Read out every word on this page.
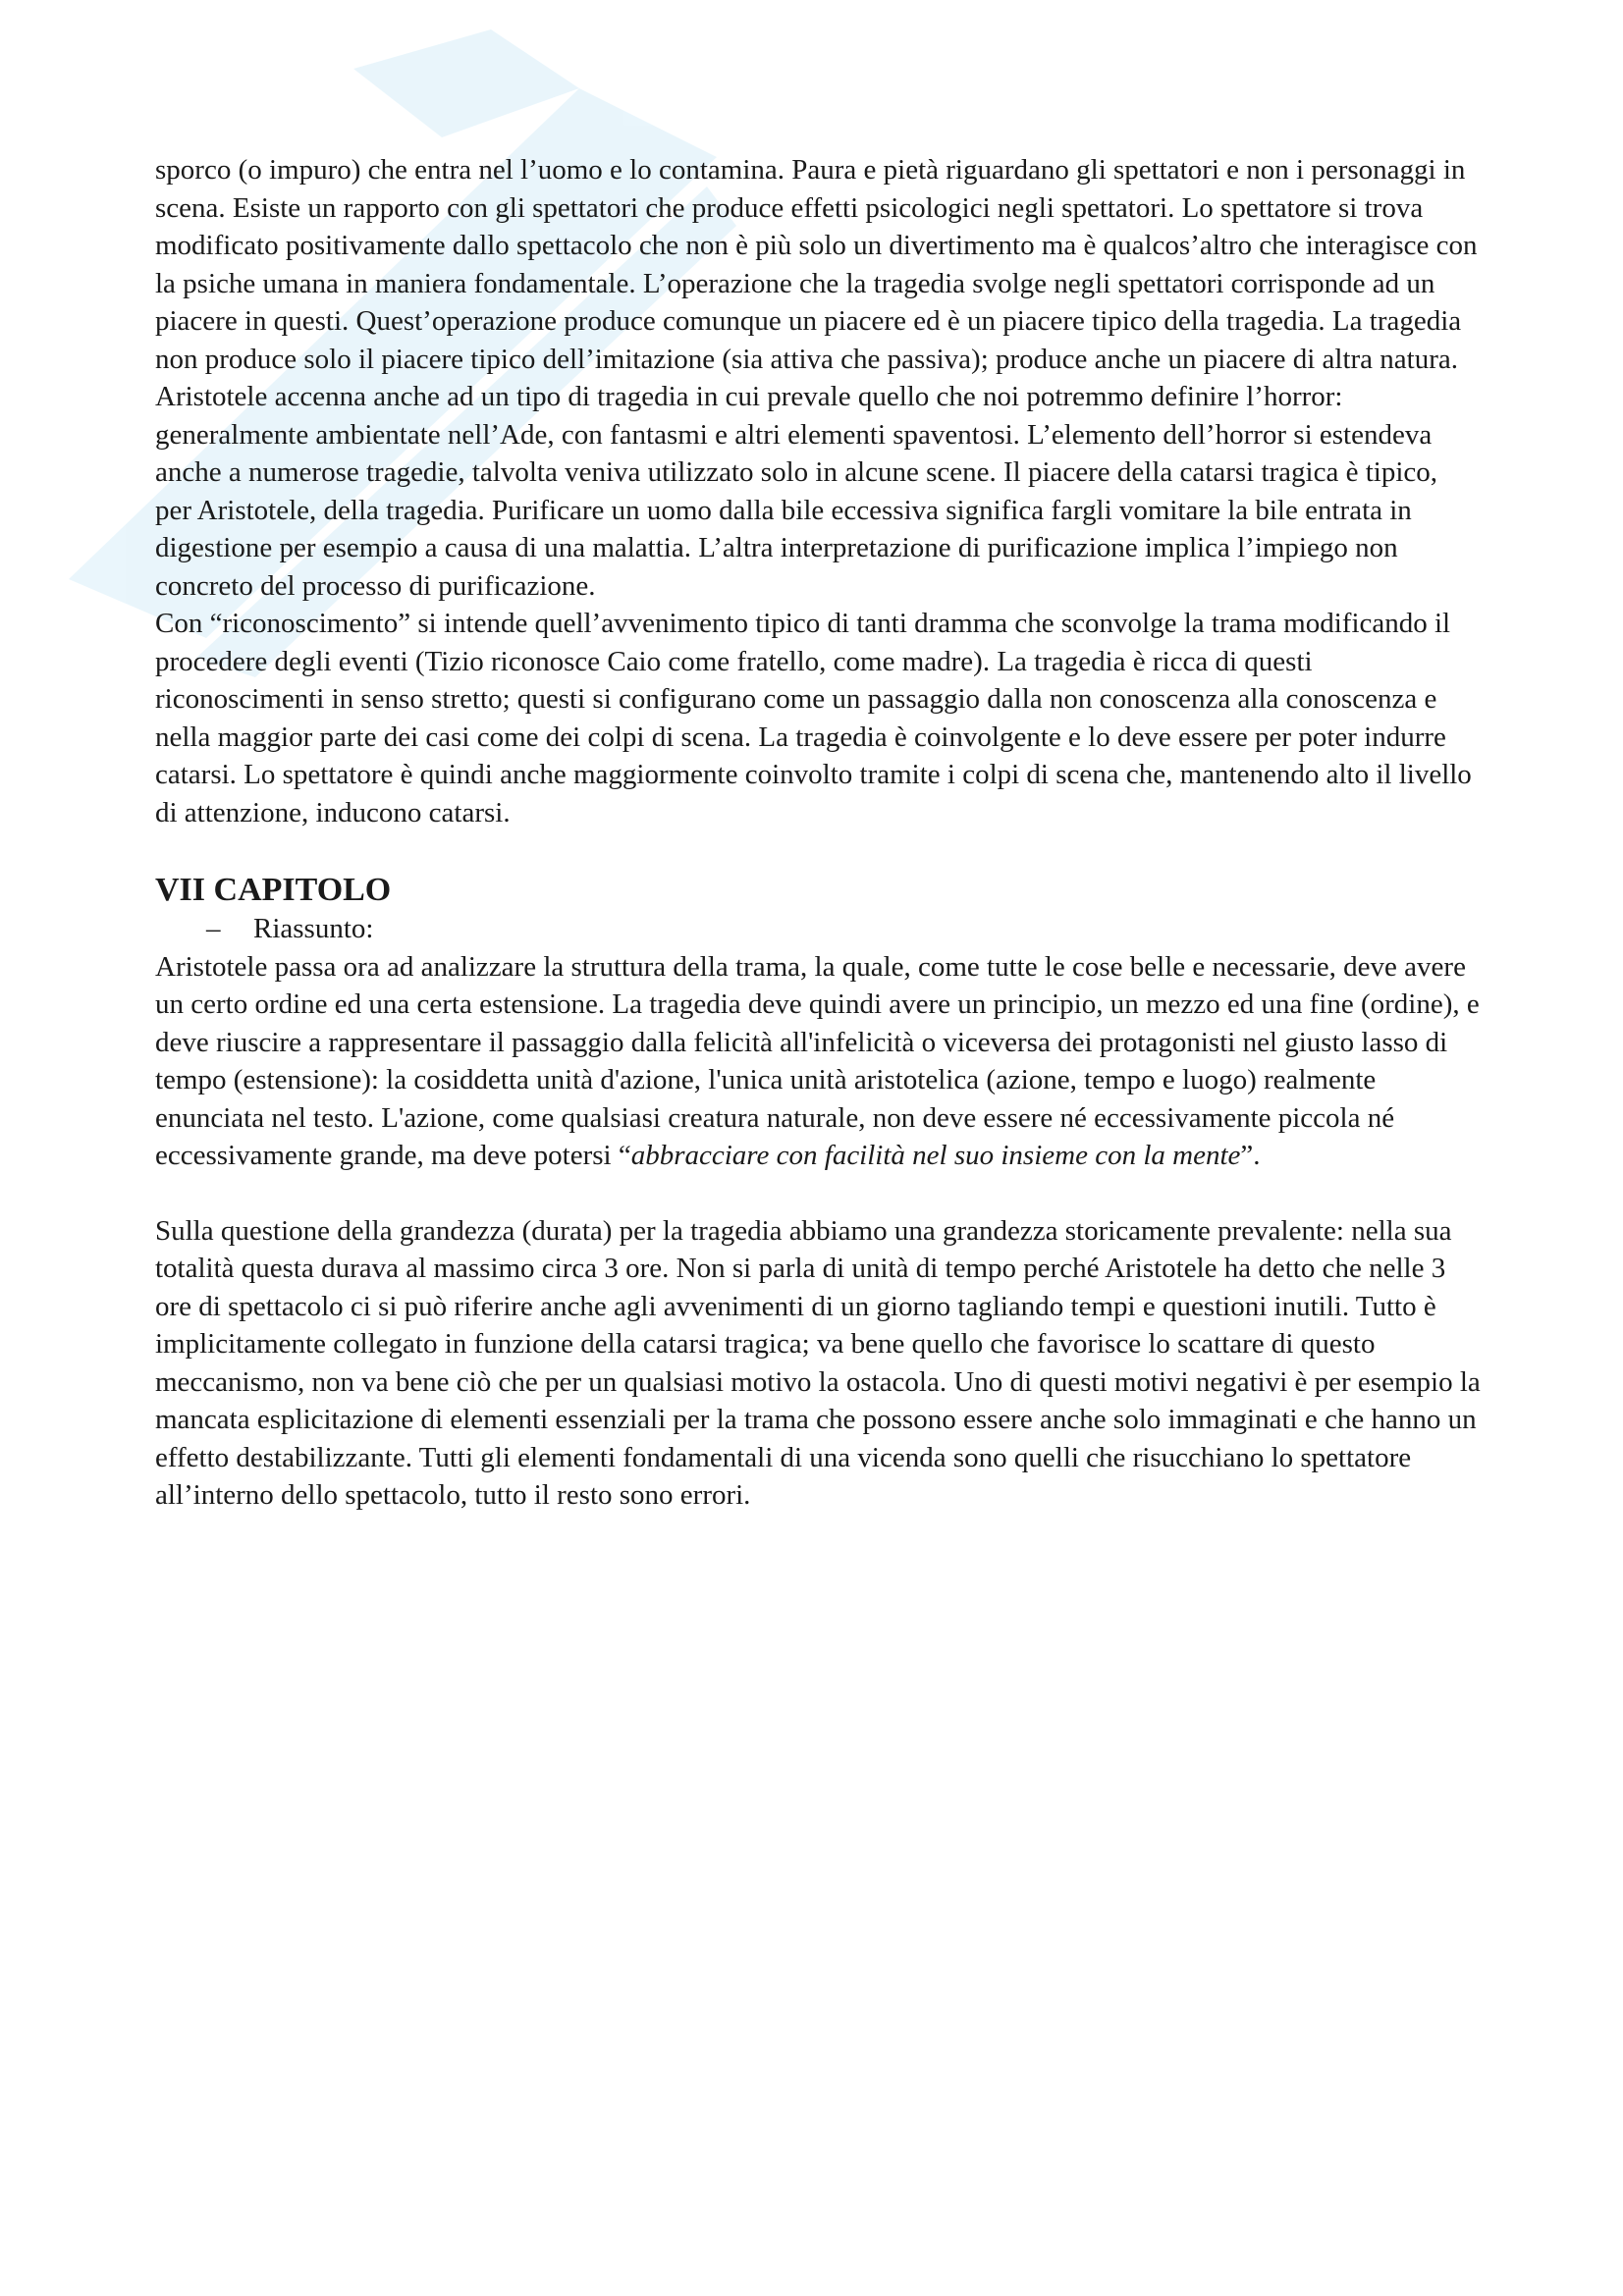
sporco (o impuro) che entra nel l’uomo e lo contamina. Paura e pietà riguardano gli spettatori e non i personaggi in scena. Esiste un rapporto con gli spettatori che produce effetti psicologici negli spettatori. Lo spettatore si trova modificato positivamente dallo spettacolo che non è più solo un divertimento ma è qualcos’altro che interagisce con la psiche umana in maniera fondamentale. L’operazione che la tragedia svolge negli spettatori corrisponde ad un piacere in questi. Quest’operazione produce comunque un piacere ed è un piacere tipico della tragedia. La tragedia non produce solo il piacere tipico dell’imitazione (sia attiva che passiva); produce anche un piacere di altra natura. Aristotele accenna anche ad un tipo di tragedia in cui prevale quello che noi potremmo definire l’horror: generalmente ambientate nell’Ade, con fantasmi e altri elementi spaventosi. L’elemento dell’horror si estendeva anche a numerose tragedie, talvolta veniva utilizzato solo in alcune scene. Il piacere della catarsi tragica è tipico, per Aristotele, della tragedia. Purificare un uomo dalla bile eccessiva significa fargli vomitare la bile entrata in digestione per esempio a causa di una malattia. L’altra interpretazione di purificazione implica l’impiego non concreto del processo di purificazione.

Con “riconoscimento” si intende quell’avvenimento tipico di tanti dramma che sconvolge la trama modificando il procedere degli eventi (Tizio riconosce Caio come fratello, come madre). La tragedia è ricca di questi riconoscimenti in senso stretto; questi si configurano come un passaggio dalla non conoscenza alla conoscenza e nella maggior parte dei casi come dei colpi di scena. La tragedia è coinvolgente e lo deve essere per poter indurre catarsi. Lo spettatore è quindi anche maggiormente coinvolto tramite i colpi di scena che, mantenendo alto il livello di attenzione, inducono catarsi.

VII CAPITOLO

– Riassunto:

Aristotele passa ora ad analizzare la struttura della trama, la quale, come tutte le cose belle e necessarie, deve avere un certo ordine ed una certa estensione. La tragedia deve quindi avere un principio, un mezzo ed una fine (ordine), e deve riuscire a rappresentare il passaggio dalla felicità all'infelicità o viceversa dei protagonisti nel giusto lasso di tempo (estensione): la cosiddetta unità d'azione, l'unica unità aristotelica (azione, tempo e luogo) realmente enunciata nel testo. L'azione, come qualsiasi creatura naturale, non deve essere né eccessivamente piccola né eccessivamente grande, ma deve potersi “abbracciare con facilità nel suo insieme con la mente”.

Sulla questione della grandezza (durata) per la tragedia abbiamo una grandezza storicamente prevalente: nella sua totalità questa durava al massimo circa 3 ore. Non si parla di unità di tempo perché Aristotele ha detto che nelle 3 ore di spettacolo ci si può riferire anche agli avvenimenti di un giorno tagliando tempi e questioni inutili. Tutto è implicitamente collegato in funzione della catarsi tragica; va bene quello che favorisce lo scattare di questo meccanismo, non va bene ciò che per un qualsiasi motivo la ostacola. Uno di questi motivi negativi è per esempio la mancata esplicitazione di elementi essenziali per la trama che possono essere anche solo immaginati e che hanno un effetto destabilizzante. Tutti gli elementi fondamentali di una vicenda sono quelli che risucchiano lo spettatore all’interno dello spettacolo, tutto il resto sono errori.
